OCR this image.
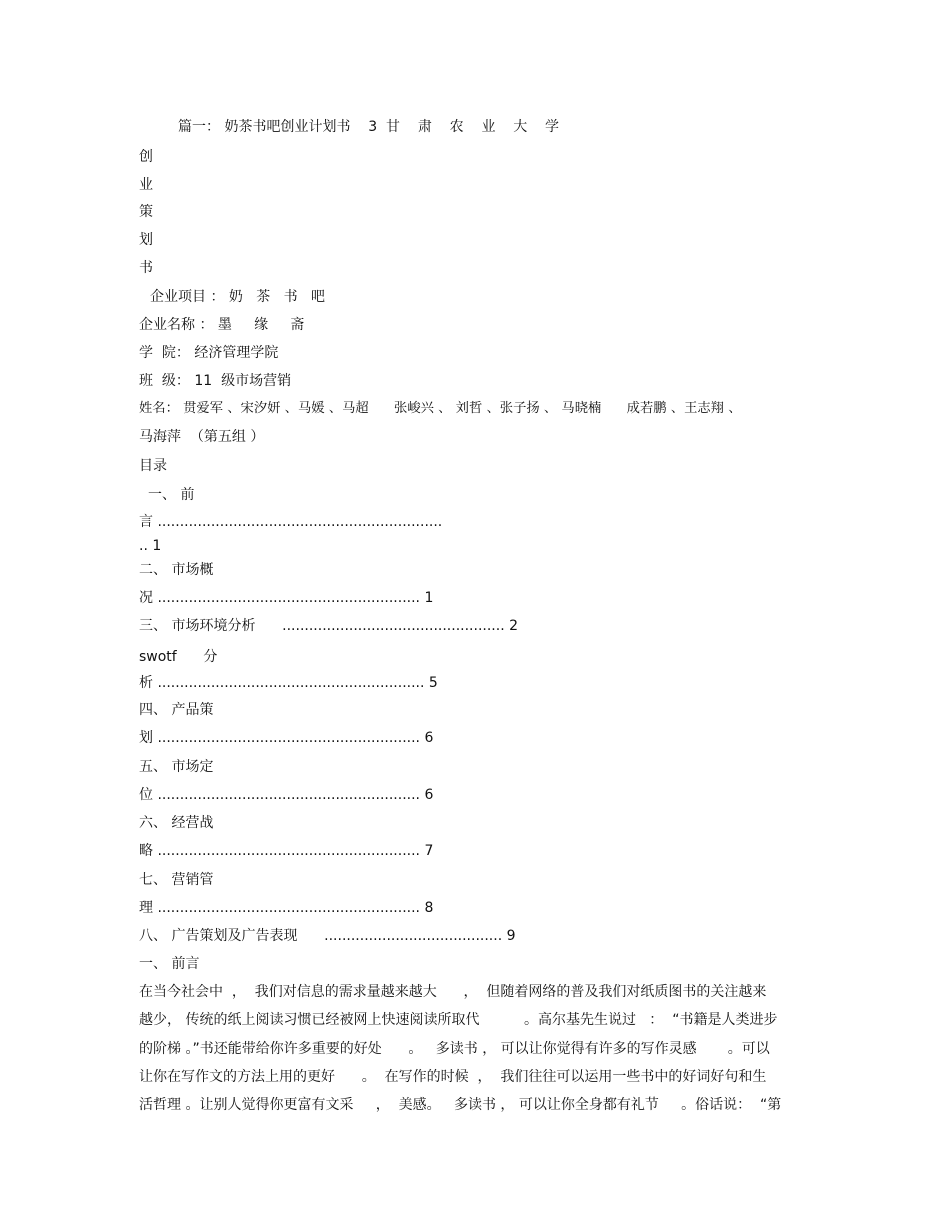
篇一： 奶茶书吧创业计划书    3  甘    肃    农    业    大    学
创
业
策
划
书
企业项目 ： 奶   茶   书   吧
企业名称 ： 墨     缘     斋
学  院： 经济管理学院
班  级： 11  级市场营销
姓名： 贯爱军 、宋汐妍 、马媛 、马超      张峻兴 、 刘哲 、张子扬 、 马晓楠      成若鹏 、王志翔 、
马海萍  （第五组 ）
目录
一、 前
言 ................................................................
.. 1
二、 市场概
况 ........................................................... 1
三、 市场环境分析      .................................................. 2
swotf      分
析 ............................................................ 5
四、 产品策
划 ........................................................... 6
五、 市场定
位 ........................................................... 6
六、 经营战
略 ........................................................... 7
七、 营销管
理 ........................................................... 8
八、 广告策划及广告表现      ........................................ 9
一、 前言
在当今社会中  ，  我们对信息的需求量越来越大      ，  但随着网络的普及我们对纸质图书的关注越来
越少， 传统的纸上阅读习惯已经被网上快速阅读所取代          。高尔基先生说过   ：  “书籍是人类进步
的阶梯 。”书还能带给你许多重要的好处      。   多读书 ， 可以让你觉得有许多的写作灵感       。可以
让你在写作文的方法上用的更好      。  在写作的时候  ，  我们往往可以运用一些书中的好词好句和生
活哲理 。让别人觉得你更富有文采     ，  美感。   多读书 ， 可以让你全身都有礼节     。俗话说：  “第
